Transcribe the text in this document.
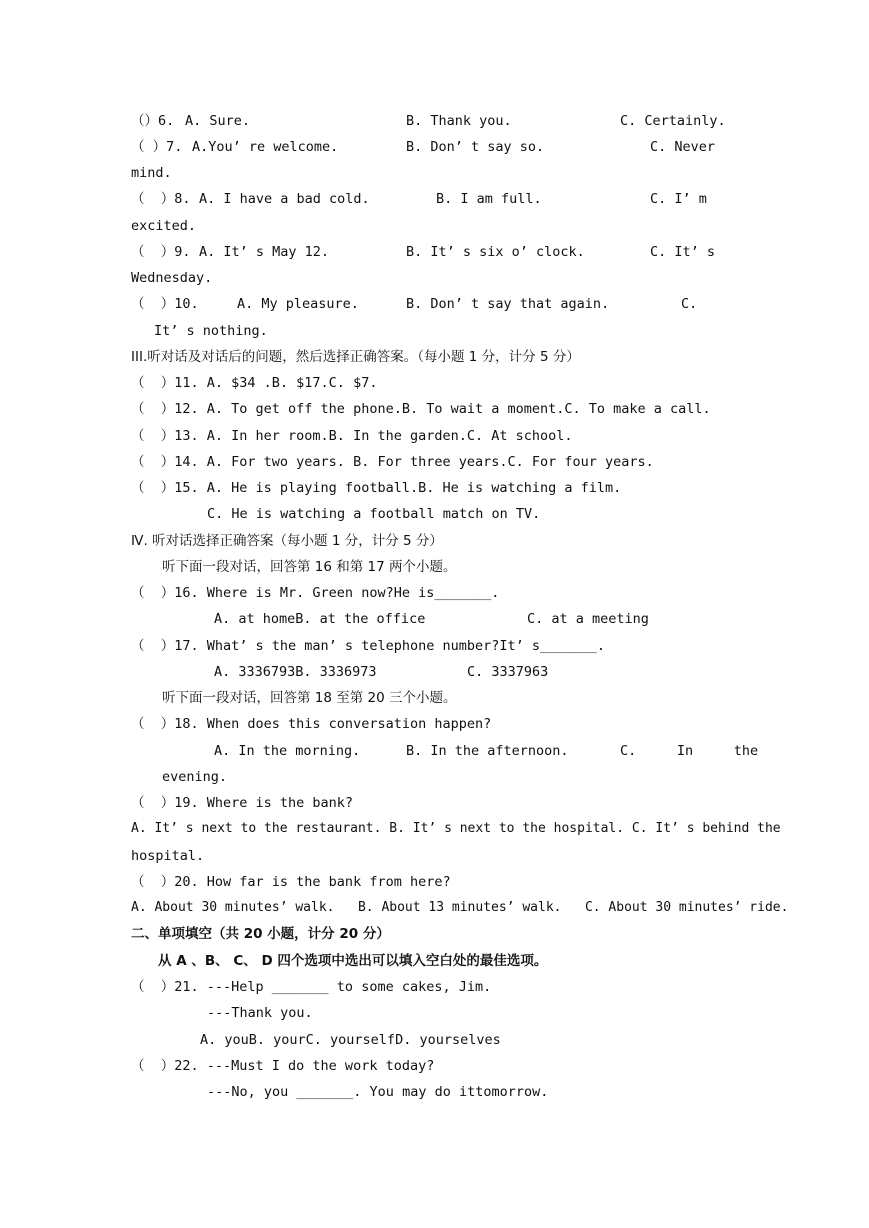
（）6. A. Sure.	B. Thank you.	C. Certainly.
（ ）7. A.You’ re welcome.	B. Don’ t say so.	C. Never
mind.
（  ）8. A. I have a bad cold.	B. I am full.	C. I’ m
excited.
（  ）9. A. It’ s May 12.	B. It’ s six o’ clock.	C. It’ s
Wednesday.
（  ）10. A. My pleasure.	B. Don’ t say that again.	C.
It’ s nothing.
III.听对话及对话后的问题，然后选择正确答案。（每小题 1 分，计分 5 分）
（  ）11. A. $34 .B. $17.C. $7.
（  ）12. A. To get off the phone.B. To wait a moment.C. To make a call.
（  ）13. A. In her room.B. In the garden.C. At school.
（  ）14. A. For two years. B. For three years.C. For four years.
（  ）15. A. He is playing football.B. He is watching a film.
C. He is watching a football match on TV.
Ⅳ. 听对话选择正确答案（每小题 1 分，计分 5 分）
听下面一段对话，回答第 16 和第 17 两个小题。
（  ）16. Where is Mr. Green now?He is_______.
A. at homeB. at the office	C. at a meeting
（  ）17. What’ s the man’ s telephone number?It’ s_______.
A. 3336793B. 3336973	C. 3337963
听下面一段对话，回答第 18 至第 20 三个小题。
（  ）18. When does this conversation happen?
A. In the morning.	B. In the afternoon.	C.     In     the
evening.
（  ）19. Where is the bank?
A. It’ s next to the restaurant. B. It’ s next to the hospital. C. It’ s behind the
hospital.
（  ）20. How far is the bank from here?
A. About 30 minutes’ walk.   B. About 13 minutes’ walk.   C. About 30 minutes’ ride.
二、单项填空（共 20 小题，计分 20 分）
从 A 、B、 C、 D 四个选项中选出可以填入空白处的最佳选项。
（  ）21. ---Help _______ to some cakes, Jim.
---Thank you.
A. youB. yourC. yourselfD. yourselves
（  ）22. ---Must I do the work today?
---No, you _______. You may do ittomorrow.
